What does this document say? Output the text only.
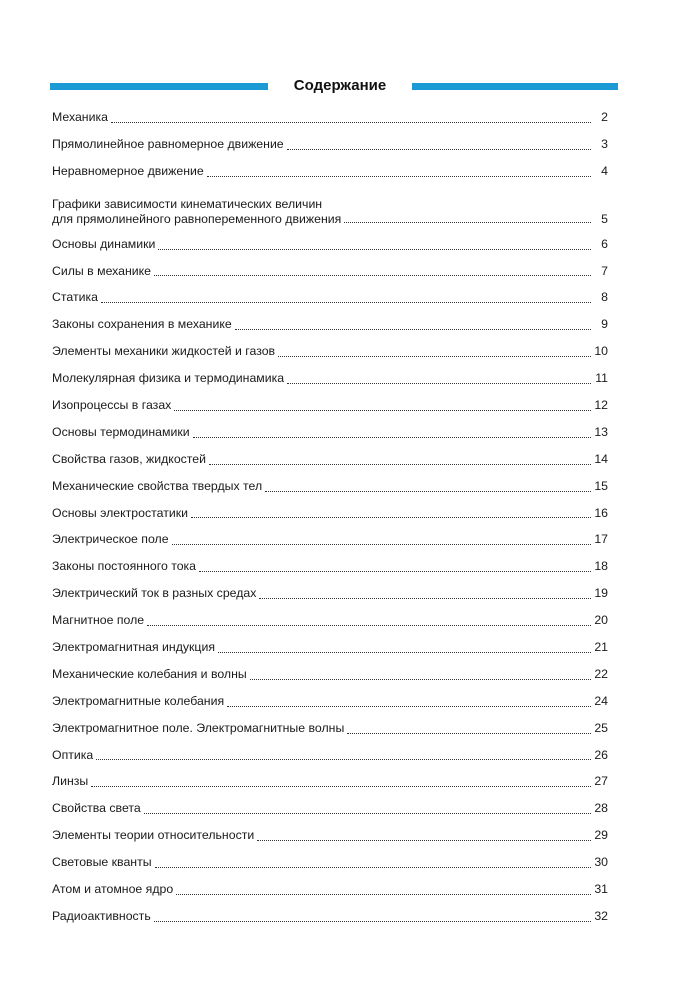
Содержание
Механика	2
Прямолинейное равномерное движение	3
Неравномерное движение	4
Графики зависимости кинематических величин
для прямолинейного равнопеременного движения	5
Основы динамики	6
Силы в механике	7
Статика	8
Законы сохранения в механике	9
Элементы механики жидкостей и газов	10
Молекулярная физика и термодинамика	11
Изопроцессы в газах	12
Основы термодинамики	13
Свойства газов, жидкостей	14
Механические свойства твердых тел	15
Основы электростатики	16
Электрическое поле	17
Законы постоянного тока	18
Электрический ток в разных средах	19
Магнитное поле	20
Электромагнитная индукция	21
Механические колебания и волны	22
Электромагнитные колебания	24
Электромагнитное поле. Электромагнитные волны	25
Оптика	26
Линзы	27
Свойства света	28
Элементы теории относительности	29
Световые кванты	30
Атом и атомное ядро	31
Радиоактивность	32
